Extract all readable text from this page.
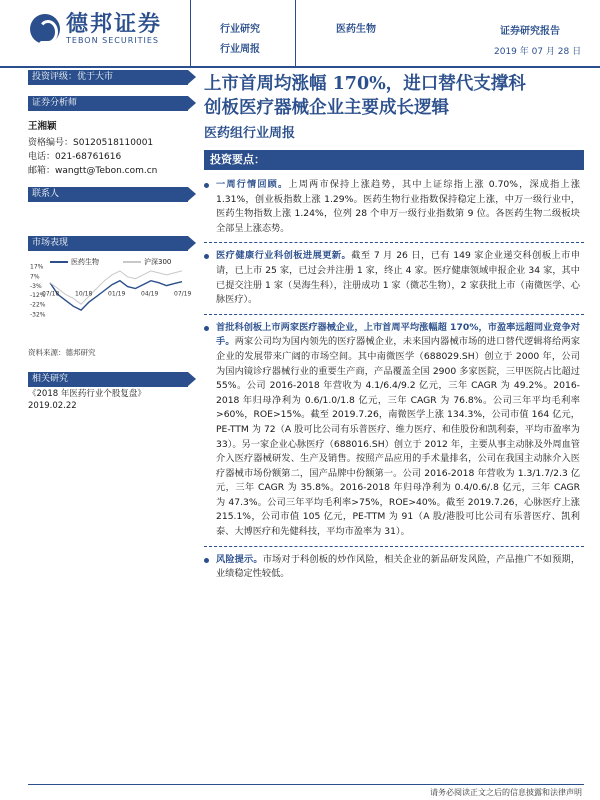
德邦证券
TEBON SECURITIES
行业研究
行业周报
医药生物	证券研究报告
2019 年 07 月 28 日
投资评级：优于大市
证券分析师
王湘颖
资格编号：S0120518110001
电话：021-68761616
邮箱：wangtt@Tebon.com.cn
联系人
市场表现
医药生物	沪深300
17%
7%
-3%
-12%
-22%
-32%
07/18	10/18	01/19	04/19	07/19
资料来源：德邦研究
相关研究
《2018 年医药行业个股复盘》
2019.02.22
上市首周均涨幅 170%，进口替代支撑科
创板医疗器械企业主要成长逻辑
医药组行业周报
投资要点：
一周行情回顾。上周两市保持上涨趋势，其中上证综指上涨 0.70%，深成指上涨 1.31%，创业板指数上涨 1.29%。医药生物行业指数保持稳定上涨，中万一级行业中，医药生物指数上涨 1.24%，位列 28 个申万一级行业指数第 9 位。各医药生物二级板块全部呈上涨态势。
医疗健康行业科创板进展更新。截至 7 月 26 日，已有 149 家企业递交科创板上市申请，已上市 25 家，已过会并注册 1 家，终止 4 家。医疗健康领域申报企业 34 家，其中已提交注册 1 家（昊海生科），注册成功 1 家（微芯生物），2 家获批上市（南微医学、心脉医疗）。
首批科创板上市两家医疗器械企业，上市首周平均涨幅超 170%，市盈率远超同业竞争对手。两家公司均为国内领先的医疗器械企业，未来国内器械市场的进口替代逻辑将给两家企业的发展带来广阔的市场空间。其中南微医学（688029.SH）创立于 2000 年，公司为国内镜诊疗器械行业的重要生产商，产品覆盖全国 2900 多家医院，三甲医院占比超过 55%。公司 2016-2018 年营收为 4.1/6.4/9.2 亿元，三年 CAGR 为 49.2%。2016-2018 年归母净利为 0.6/1.0/1.8 亿元，三年 CAGR 为 76.8%。公司三年平均毛利率>60%，ROE>15%。截至 2019.7.26，南微医学上涨 134.3%，公司市值 164 亿元，PE-TTM 为 72（A 股可比公司有乐普医疗、维力医疗、和佳股份和凯利泰，平均市盈率为 33）。另一家企业心脉医疗（688016.SH）创立于 2012 年，主要从事主动脉及外周血管介入医疗器械研发、生产及销售。按照产品应用的手术量排名，公司在我国主动脉介入医疗器械市场份额第二，国产品牌中份额第一。公司 2016-2018 年营收为 1.3/1.7/2.3 亿元，三年 CAGR 为 35.8%。2016-2018 年归母净利为 0.4/0.6/.8 亿元，三年 CAGR 为 47.3%。公司三年平均毛利率>75%，ROE>40%。截至 2019.7.26，心脉医疗上涨 215.1%，公司市值 105 亿元，PE-TTM 为 91（A 股/港股可比公司有乐普医疗、凯利泰、大博医疗和先健科技，平均市盈率为 31）。
风险提示。市场对于科创板的炒作风险，相关企业的新品研发风险，产品推广不如预期，业绩稳定性较低。
请务必阅读正文之后的信息披露和法律声明
